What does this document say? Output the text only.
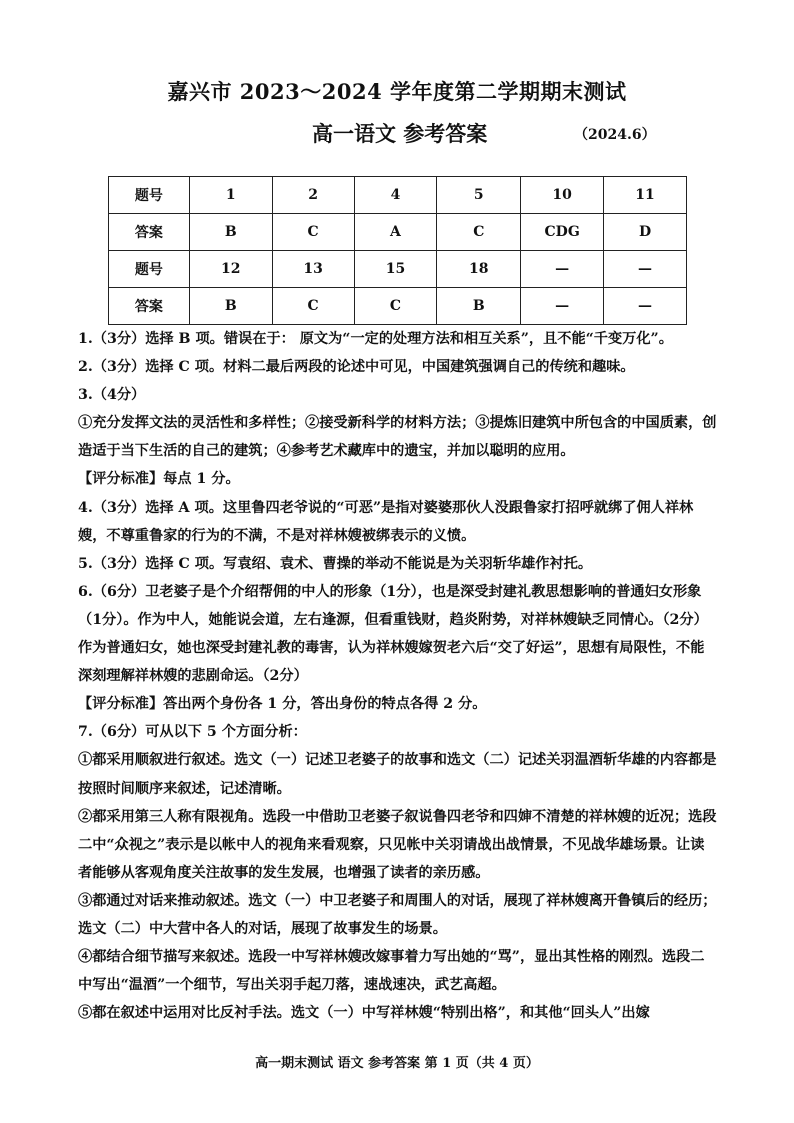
嘉兴市 2023～2024 学年度第二学期期末测试
高一语文 参考答案	（2024.6）
题号	1	2	4	5	10	11
答案	B	C	A	C	CDG	D
题号	12	13	15	18	—	—
答案	B	C	C	B	—	—

1.（3分）选择 B 项。错误在于： 原文为“一定的处理方法和相互关系”，且不能“千变万化”。

2.（3分）选择 C 项。材料二最后两段的论述中可见，中国建筑强调自己的传统和趣味。

3.（4分）

①充分发挥文法的灵活性和多样性；②接受新科学的材料方法；③提炼旧建筑中所包含的中国质素，创造适于当下生活的自己的建筑；④参考艺术藏库中的遗宝，并加以聪明的应用。

【评分标准】每点 1 分。

4.（3分）选择 A 项。这里鲁四老爷说的“可恶”是指对婆婆那伙人没跟鲁家打招呼就绑了佣人祥林嫂，不尊重鲁家的行为的不满，不是对祥林嫂被绑表示的义愤。

5.（3分）选择 C 项。写袁绍、袁术、曹操的举动不能说是为关羽斩华雄作衬托。

6.（6分）卫老婆子是个介绍帮佣的中人的形象（1分），也是深受封建礼教思想影响的普通妇女形象（1分）。作为中人，她能说会道，左右逢源，但看重钱财，趋炎附势，对祥林嫂缺乏同情心。（2分）作为普通妇女，她也深受封建礼教的毒害，认为祥林嫂嫁贺老六后“交了好运”，思想有局限性，不能深刻理解祥林嫂的悲剧命运。（2分）

【评分标准】答出两个身份各 1 分，答出身份的特点各得 2 分。

7.（6分）可从以下 5 个方面分析：

①都采用顺叙进行叙述。选文（一）记述卫老婆子的故事和选文（二）记述关羽温酒斩华雄的内容都是按照时间顺序来叙述，记述清晰。

②都采用第三人称有限视角。选段一中借助卫老婆子叙说鲁四老爷和四婶不清楚的祥林嫂的近况；选段二中“众视之”表示是以帐中人的视角来看观察，只见帐中关羽请战出战情景，不见战华雄场景。让读者能够从客观角度关注故事的发生发展，也增强了读者的亲历感。

③都通过对话来推动叙述。选文（一）中卫老婆子和周围人的对话，展现了祥林嫂离开鲁镇后的经历；选文（二）中大营中各人的对话，展现了故事发生的场景。

④都结合细节描写来叙述。选段一中写祥林嫂改嫁事着力写出她的“骂”，显出其性格的刚烈。选段二中写出“温酒”一个细节，写出关羽手起刀落，速战速决，武艺高超。

⑤都在叙述中运用对比反衬手法。选文（一）中写祥林嫂“特别出格”，和其他“回头人”出嫁

高一期末测试 语文 参考答案 第 1 页（共 4 页）
